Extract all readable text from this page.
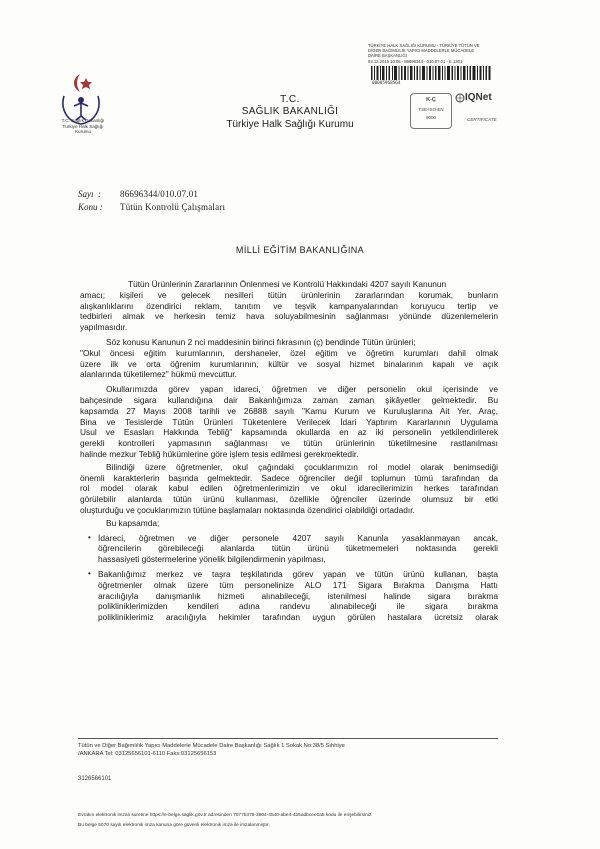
T.C. Sağlık Bakanlığı
Türkiye Halk Sağlığı
Kurumu
T.C.
SAĞLIK BAKANLIĞI
Türkiye Halk Sağlığı Kurumu
TÜRKİYE HALK SAĞLIĞI KURUMU - TÜRKİYE TÜTÜN VE
DİĞER BAĞIMLILIK YAPICI MADDELERLE MÜCADELE
DAİRE BAŞKANLIĞI
03.12.2015 10:05 - 86696344 - 010.07.01 - E.1301
00005968564
K-Ç
TSE-ISO-EN
9000
IQNet
CERTIFICATE
Sayı  :	86696344/010.07.01
Konu :	Tütün Kontrolü Çalışmaları
MİLLİ EĞİTİM BAKANLIĞINA
Tütün Ürünlerinin Zararlarının Önlenmesi ve Kontrolü Hakkındaki 4207 sayılı Kanunun
amacı; kişileri ve gelecek nesilleri tütün ürünlerinin zararlarından korumak, bunların
alışkanlıklarını özendirici reklam, tanıtım ve teşvik kampanyalarından koruyucu tertip ve
tedbirleri almak ve herkesin temiz hava soluyabilmesinin sağlanması yönünde düzenlemelerin
yapılmasıdır.
Söz konusu Kanunun 2 nci maddesinin birinci fıkrasının (ç) bendinde Tütün ürünleri;
"Okul öncesi eğitim kurumlarının, dershaneler, özel eğitim ve öğretim kurumları dahil olmak
üzere ilk ve orta öğrenim kurumlarının, kültür ve sosyal hizmet binalarının kapalı ve açık
alanlarında tüketilemez" hükmü mevcuttur.
Okullarımızda görev yapan idareci, öğretmen ve diğer personelin okul içerisinde ve
bahçesinde sigara kullandığına dair Bakanlığımıza zaman zaman şikâyetler gelmektedir. Bu
kapsamda 27 Mayıs 2008 tarihli ve 26888 sayılı "Kamu Kurum ve Kuruluşlarına Ait Yer, Araç,
Bina ve Tesislerde Tütün Ürünleri Tüketenlere Verilecek İdari Yaptırım Kararlarının Uygulama
Usul ve Esasları Hakkında Tebliğ" kapsamında okullarda en az iki personelin yetkilendirilerek
gerekli kontrolleri yapmasının sağlanması ve tütün ürünlerinin tüketilmesine rastlanılması
halinde mezkur Tebliğ hükümlerine göre işlem tesis edilmesi gerekmektedir.
Bilindiği üzere öğretmenler, okul çağındaki çocuklarımızın rol model olarak benimsediği
önemli karakterlerin başında gelmektedir. Sadece öğrenciler değil toplumun tümü tarafından da
rol model olarak kabul edilen öğretmenlerimizin ve okul idarecilerimizin herkes tarafından
görülebilir alanlarda tütün ürünü kullanması, özellikle öğrenciler üzerinde olumsuz bir etki
oluşturduğu ve çocuklarımızın tütüne başlamaları noktasında özendirici olabildiği ortadadır.
Bu kapsamda;
• İdareci, öğretmen ve diğer personele 4207 sayılı Kanunla yasaklanmayan ancak,
öğrencilerin görebileceği alanlarda tütün ürünü tüketmemeleri noktasında gerekli
hassasiyeti göstermelerine yönelik bilgilendirmenin yapılması,
• Bakanlığımız merkez ve taşra teşkilatında görev yapan ve tütün ürünü kullanan, başta
öğretmenler olmak üzere tüm personelinize ALO 171 Sigara Bırakma Danışma Hattı
aracılığıyla danışmanlık hizmeti alınabileceği, istenilmesi halinde sigara bırakma
polikliniklerimizden kendileri adına randevu alınabileceği ile sigara bırakma
polikliniklerimiz aracılığıyla hekimler tarafından uygun görülen hastalara ücretsiz olarak
Tütün ve Diğer Bağımlılık Yapıcı Maddelerle Mücadele Daire Başkanlığı Sağlık 1 Sokak No:38/5 Sıhhiye
/ANKARA Tel: 03125656101-6110 Faks:03125656153
3126566101
Evrakın elektronik imzalı suretine https://e-belge.saglik.gov.tr adresinden 7077b378-3804-4540-abe4-4b5adbcee0a5 kodu ile erişebilirsiniz.
Bu belge 5070 sayılı elektronik imza kanuna göre güvenli elektronik imza ile imzalanmıştır.
